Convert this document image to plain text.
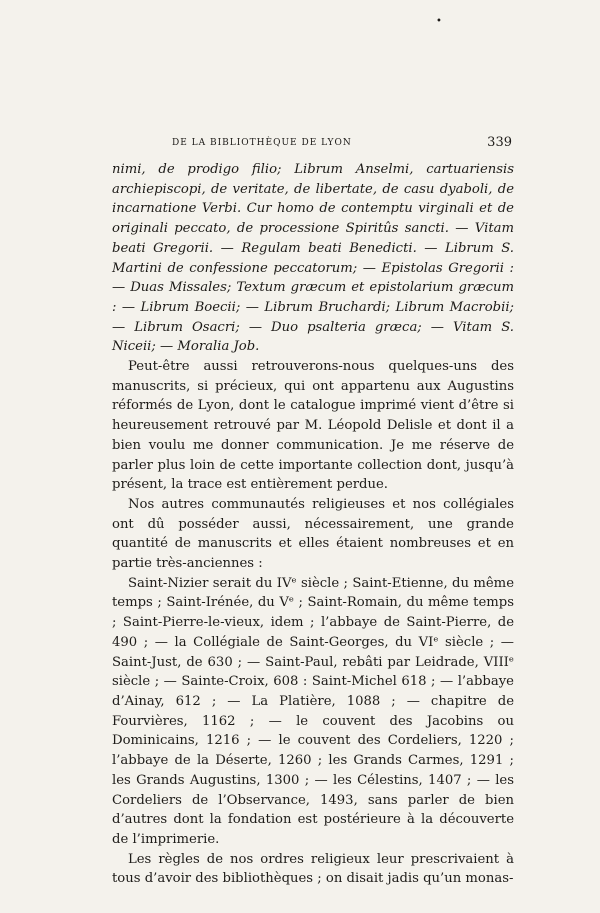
•
DE LA BIBLIOTHÈQUE DE LYON	339

nimi, de prodigo filio; Librum Anselmi, cartuariensis archiepiscopi, de veritate, de libertate, de casu dyaboli, de incarnatione Verbi. Cur homo de contemptu virginali et de originali peccato, de processione Spiritûs sancti. — Vitam beati Gregorii. — Regulam beati Benedicti. — Librum S. Martini de confessione peccatorum; — Epistolas Gregorii : — Duas Missales; Textum græcum et epistolarium græcum : — Librum Boecii; — Librum Bruchardi; Librum Macrobii; — Librum Osacri; — Duo psalteria græca; — Vitam S. Niceii; — Moralia Job.

Peut-être aussi retrouverons-nous quelques-uns des manuscrits, si précieux, qui ont appartenu aux Augustins réformés de Lyon, dont le catalogue imprimé vient d’être si heureusement retrouvé par M. Léopold Delisle et dont il a bien voulu me donner communication. Je me réserve de parler plus loin de cette importante collection dont, jusqu’à présent, la trace est entièrement perdue.

Nos autres communautés religieuses et nos collégiales ont dû posséder aussi, nécessairement, une grande quantité de manuscrits et elles étaient nombreuses et en partie très-anciennes :

Saint-Nizier serait du IVᵉ siècle ; Saint-Etienne, du même temps ; Saint-Irénée, du Vᵉ ; Saint-Romain, du même temps ; Saint-Pierre-le-vieux, idem ; l’abbaye de Saint-Pierre, de 490 ; — la Collégiale de Saint-Georges, du VIᵉ siècle ; — Saint-Just, de 630 ; — Saint-Paul, rebâti par Leidrade, VIIIᵉ siècle ; — Sainte-Croix, 608 : Saint-Michel 618 ; — l’abbaye d’Ainay, 612 ; — La Platière, 1088 ; — chapitre de Fourvières, 1162 ; — le couvent des Jacobins ou Dominicains, 1216 ; — le couvent des Cordeliers, 1220 ; l’abbaye de la Déserte, 1260 ; les Grands Carmes, 1291 ; les Grands Augustins, 1300 ; — les Célestins, 1407 ; — les Cordeliers de l’Observance, 1493, sans parler de bien d’autres dont la fondation est postérieure à la découverte de l’imprimerie.

Les règles de nos ordres religieux leur prescrivaient à tous d’avoir des bibliothèques ; on disait jadis qu’un monas-
